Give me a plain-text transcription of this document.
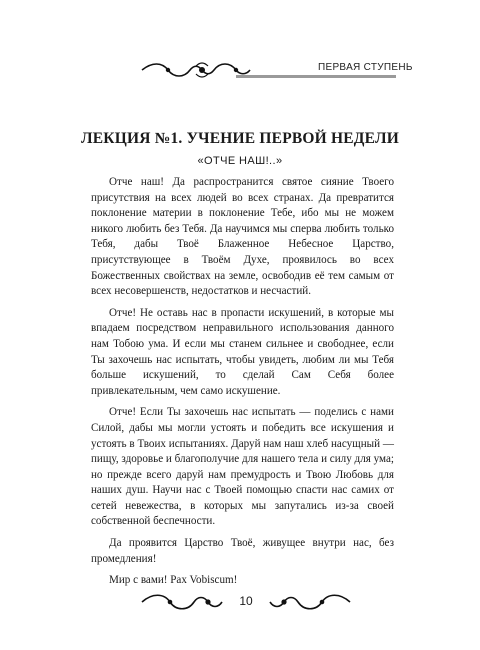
ПЕРВАЯ СТУПЕНЬ
ЛЕКЦИЯ №1. УЧЕНИЕ ПЕРВОЙ НЕДЕЛИ
«ОТЧЕ НАШ!..»

Отче наш! Да распространится святое сияние Твоего присутствия на всех людей во всех странах. Да превратится поклонение материи в поклонение Тебе, ибо мы не можем никого любить без Тебя. Да научимся мы сперва любить только Тебя, дабы Твоё Блаженное Небесное Царство, присутствующее в Твоём Духе, проявилось во всех Божественных свойствах на земле, освободив её тем самым от всех несовершенств, недостатков и несчастий.

Отче! Не оставь нас в пропасти искушений, в которые мы впадаем посредством неправильного использования данного нам Тобою ума. И если мы станем сильнее и свободнее, если Ты захочешь нас испытать, чтобы увидеть, любим ли мы Тебя больше искушений, то сделай Сам Себя более привлекательным, чем само искушение.

Отче! Если Ты захочешь нас испытать — поделись с нами Силой, дабы мы могли устоять и победить все искушения и устоять в Твоих испытаниях. Даруй нам наш хлеб насущный — пищу, здоровье и благополучие для нашего тела и силу для ума; но прежде всего даруй нам премудрость и Твою Любовь для наших душ. Научи нас с Твоей помощью спасти нас самих от сетей невежества, в которых мы запутались из-за своей собственной беспечности.

Да проявится Царство Твоё, живущее внутри нас, без промедления!

Мир с вами! Pax Vobiscum!

10
